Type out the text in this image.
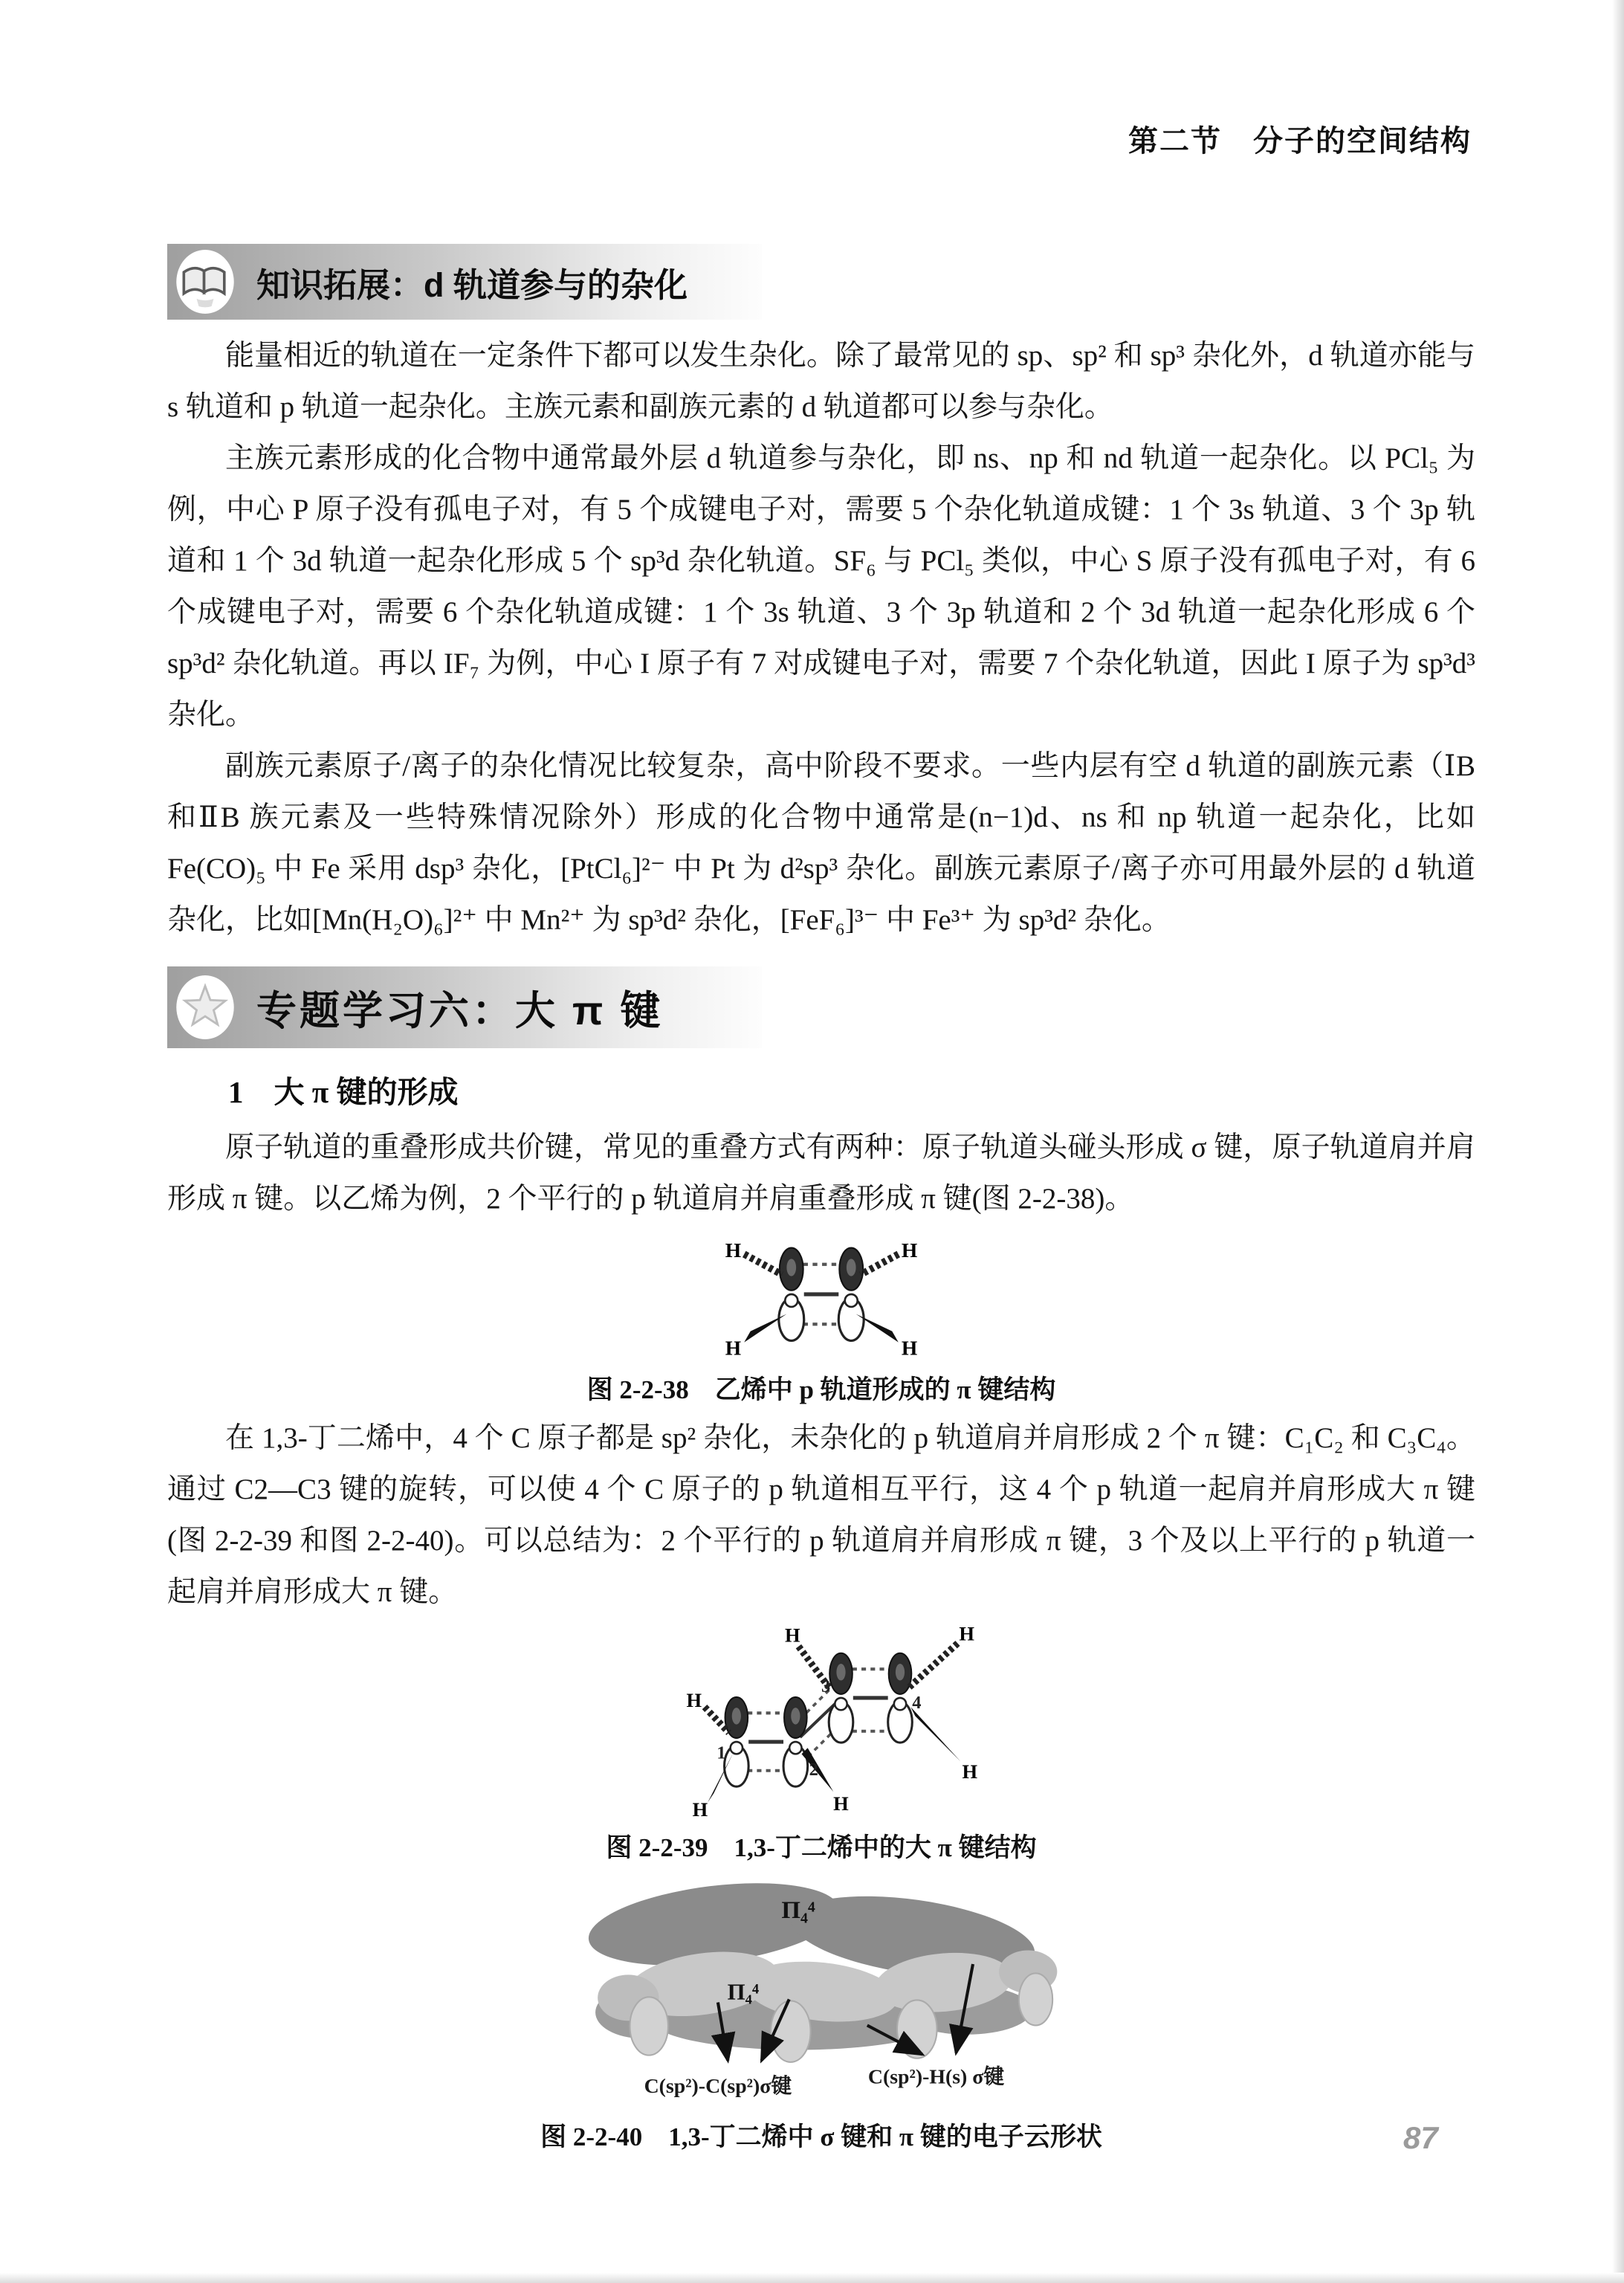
第二节　分子的空间结构
知识拓展：d 轨道参与的杂化

能量相近的轨道在一定条件下都可以发生杂化。除了最常见的 sp、sp² 和 sp³ 杂化外，d 轨道亦能与 s 轨道和 p 轨道一起杂化。主族元素和副族元素的 d 轨道都可以参与杂化。

主族元素形成的化合物中通常最外层 d 轨道参与杂化，即 ns、np 和 nd 轨道一起杂化。以 PCl₅ 为例，中心 P 原子没有孤电子对，有 5 个成键电子对，需要 5 个杂化轨道成键：1 个 3s 轨道、3 个 3p 轨道和 1 个 3d 轨道一起杂化形成 5 个 sp³d 杂化轨道。SF₆ 与 PCl₅ 类似，中心 S 原子没有孤电子对，有 6 个成键电子对，需要 6 个杂化轨道成键：1 个 3s 轨道、3 个 3p 轨道和 2 个 3d 轨道一起杂化形成 6 个 sp³d² 杂化轨道。再以 IF₇ 为例，中心 I 原子有 7 对成键电子对，需要 7 个杂化轨道，因此 I 原子为 sp³d³ 杂化。

副族元素原子/离子的杂化情况比较复杂，高中阶段不要求。一些内层有空 d 轨道的副族元素（ⅠB 和ⅡB 族元素及一些特殊情况除外）形成的化合物中通常是(n−1)d、ns 和 np 轨道一起杂化，比如 Fe(CO)₅ 中 Fe 采用 dsp³ 杂化，[PtCl₆]²⁻ 中 Pt 为 d²sp³ 杂化。副族元素原子/离子亦可用最外层的 d 轨道杂化，比如[Mn(H₂O)₆]²⁺ 中 Mn²⁺ 为 sp³d² 杂化，[FeF₆]³⁻ 中 Fe³⁺ 为 sp³d² 杂化。

专题学习六：大 π 键
1　大 π 键的形成

原子轨道的重叠形成共价键，常见的重叠方式有两种：原子轨道头碰头形成 σ 键，原子轨道肩并肩形成 π 键。以乙烯为例，2 个平行的 p 轨道肩并肩重叠形成 π 键(图 2-2-38)。

H	H
H	H
图 2-2-38　乙烯中 p 轨道形成的 π 键结构

在 1,3-丁二烯中，4 个 C 原子都是 sp² 杂化，未杂化的 p 轨道肩并肩形成 2 个 π 键：C₁C₂ 和 C₃C₄。通过 C2—C3 键的旋转，可以使 4 个 C 原子的 p 轨道相互平行，这 4 个 p 轨道一起肩并肩形成大 π 键(图 2-2-39 和图 2-2-40)。可以总结为：2 个平行的 p 轨道肩并肩形成 π 键，3 个及以上平行的 p 轨道一起肩并肩形成大 π 键。

1
2
3
4
H
H	H
H	H
H
图 2-2-39　1,3-丁二烯中的大 π 键结构
Π₄⁴
Π₄⁴
C(sp²)-C(sp²)σ键	C(sp²)-H(s) σ键
图 2-2-40　1,3-丁二烯中 σ 键和 π 键的电子云形状	87
